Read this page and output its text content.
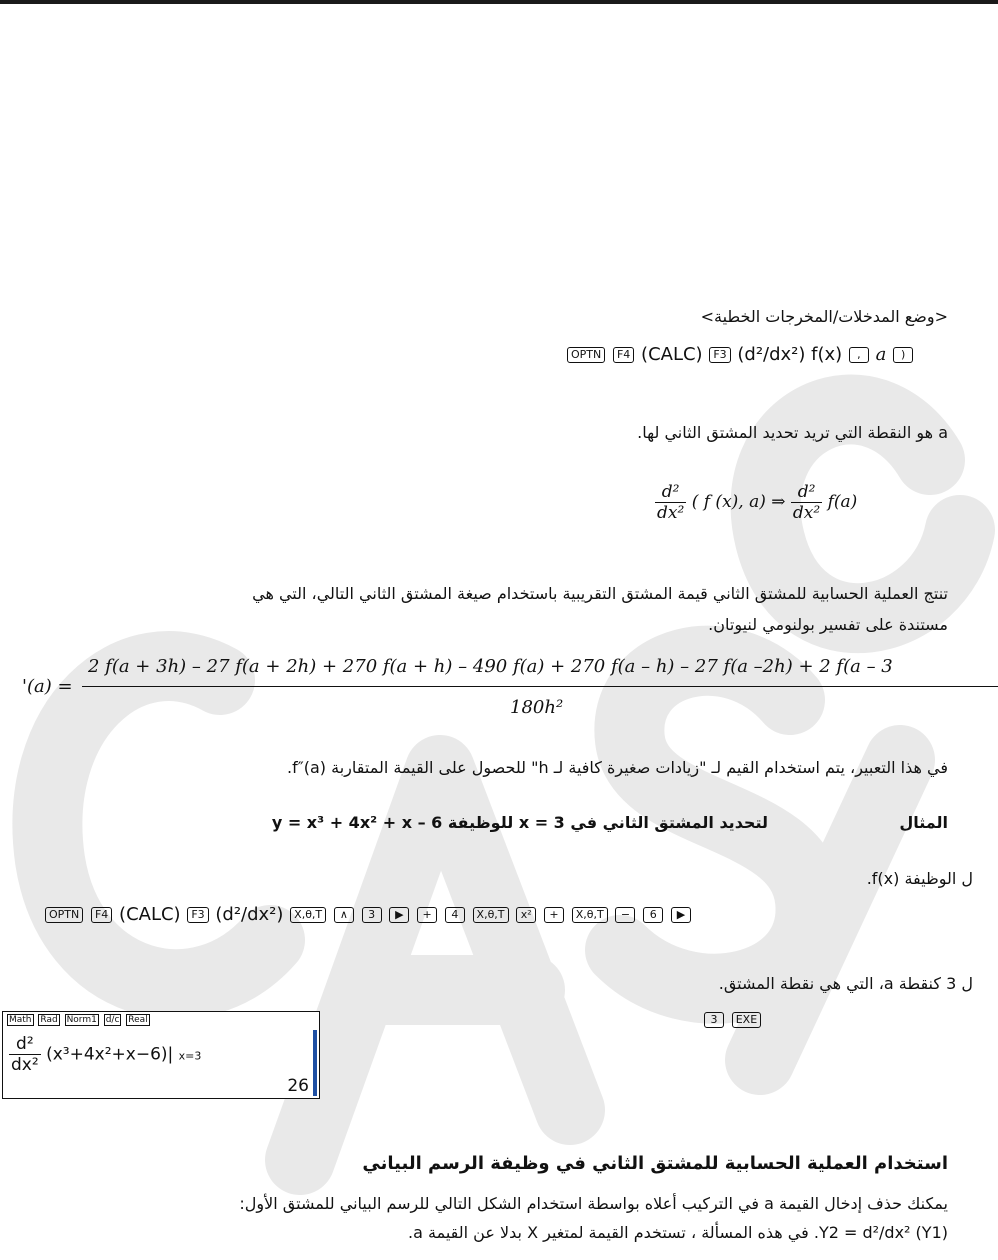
<وضع المدخلات/المخرجات الخطية>
OPTN F4 (CALC) F3 (d²/dx²) f(x) , a )
a هو النقطة التي تريد تحديد المشتق الثاني لها.
$\frac{\text{d²}}{\text{dx²}}$ ( f (x), a) ⇒ $\frac{\text{d²}}{\text{dx²}} f(a)$
تنتج العملية الحسابية للمشتق الثاني قيمة المشتق التقريبية باستخدام صيغة المشتق الثاني التالي، التي هي
مستندة على تفسير بولنومي لنيوتان.
'(a) =
2 f(a + 3h) – 27 f(a + 2h) + 270 f(a + h) – 490 f(a) + 270 f(a – h) – 27 f(a –2h) + 2 f(a – 3
180h²
في هذا التعبير، يتم استخدام القيم لـ "زيادات صغيرة كافية لـ h" للحصول على القيمة المتقاربة f″(a).
المثال
لتحديد المشتق الثاني في x = 3 للوظيفة y = x³ + 4x² + x – 6
ل الوظيفة f(x).
OPTN F4 (CALC) F3 (d²/dx²) X,θ,T ∧ 3 ▶ + 4 X,θ,T x² + X,θ,T − 6 ▶
ل 3 كنقطة a، التي هي نقطة المشتق.
3 EXE
Math Rad Norm1 d/c Real
$\frac{\text{d²}}{\text{dx²}} (x^3+4x^2+x-6)|$ x=3
26
استخدام العملية الحسابية للمشتق الثاني في وظيفة الرسم البياني
يمكنك حذف إدخال القيمة a في التركيب أعلاه بواسطة استخدام الشكل التالي للرسم البياني للمشتق الأول:
Y2 = d²/dx² (Y1). في هذه المسألة ، تستخدم القيمة لمتغير X بدلا عن القيمة a.
